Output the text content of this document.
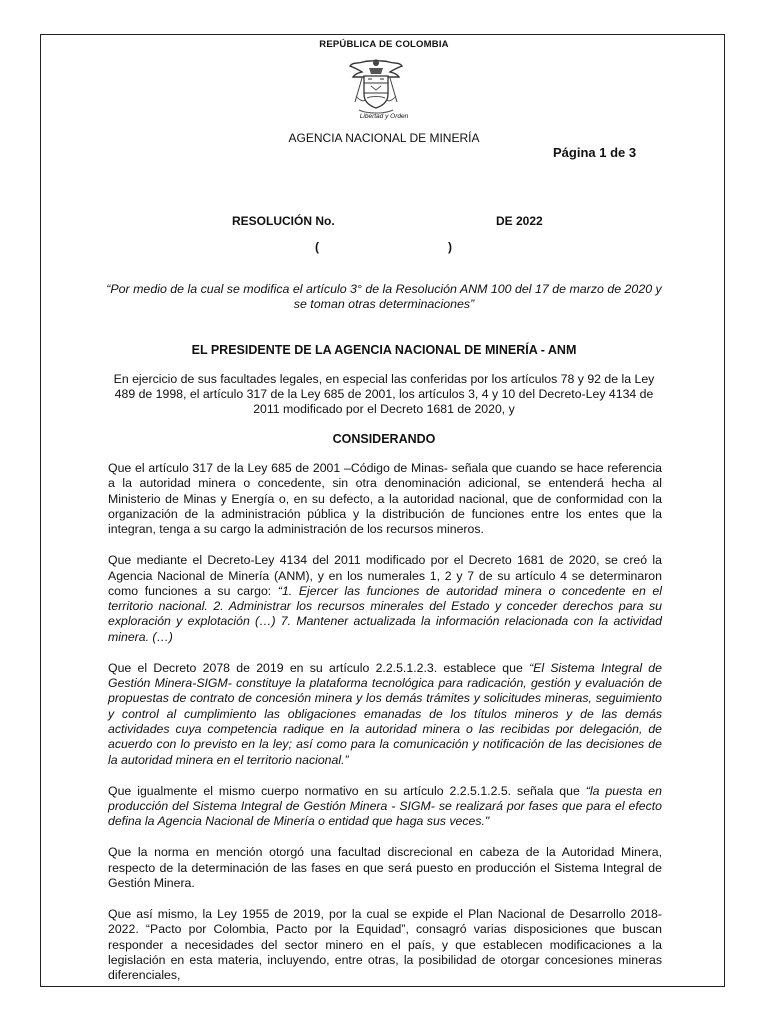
REPÚBLICA DE COLOMBIA
Libertad y Orden
AGENCIA NACIONAL DE MINERÍA
Página 1 de 3
RESOLUCIÓN No.	DE 2022
(	)
“Por medio de la cual se modifica el artículo 3° de la Resolución ANM 100 del 17 de marzo de 2020 y se toman otras determinaciones”
EL PRESIDENTE DE LA AGENCIA NACIONAL DE MINERÍA - ANM
En ejercicio de sus facultades legales, en especial las conferidas por los artículos 78 y 92 de la Ley 489 de 1998, el artículo 317 de la Ley 685 de 2001, los artículos 3, 4 y 10 del Decreto-Ley 4134 de 2011 modificado por el Decreto 1681 de 2020, y
CONSIDERANDO

Que el artículo 317 de la Ley 685 de 2001 –Código de Minas- señala que cuando se hace referencia a la autoridad minera o concedente, sin otra denominación adicional, se entenderá hecha al Ministerio de Minas y Energía o, en su defecto, a la autoridad nacional, que de conformidad con la organización de la administración pública y la distribución de funciones entre los entes que la integran, tenga a su cargo la administración de los recursos mineros.

Que mediante el Decreto-Ley 4134 del 2011 modificado por el Decreto 1681 de 2020, se creó la Agencia Nacional de Minería (ANM), y en los numerales 1, 2 y 7 de su artículo 4 se determinaron como funciones a su cargo: “1. Ejercer las funciones de autoridad minera o concedente en el territorio nacional. 2. Administrar los recursos minerales del Estado y conceder derechos para su exploración y explotación (…) 7. Mantener actualizada la información relacionada con la actividad minera. (…)

Que el Decreto 2078 de 2019 en su artículo 2.2.5.1.2.3. establece que “El Sistema Integral de Gestión Minera-SIGM- constituye la plataforma tecnológica para radicación, gestión y evaluación de propuestas de contrato de concesión minera y los demás trámites y solicitudes mineras, seguimiento y control al cumplimiento las obligaciones emanadas de los títulos mineros y de las demás actividades cuya competencia radique en la autoridad minera o las recibidas por delegación, de acuerdo con lo previsto en la ley; así como para la comunicación y notificación de las decisiones de la autoridad minera en el territorio nacional.”

Que igualmente el mismo cuerpo normativo en su artículo 2.2.5.1.2.5. señala que “la puesta en producción del Sistema Integral de Gestión Minera - SIGM- se realizará por fases que para el efecto defina la Agencia Nacional de Minería o entidad que haga sus veces."

Que la norma en mención otorgó una facultad discrecional en cabeza de la Autoridad Minera, respecto de la determinación de las fases en que será puesto en producción el Sistema Integral de Gestión Minera.

Que así mismo, la Ley 1955 de 2019, por la cual se expide el Plan Nacional de Desarrollo 2018-2022. “Pacto por Colombia, Pacto por la Equidad”, consagró varias disposiciones que buscan responder a necesidades del sector minero en el país, y que establecen modificaciones a la legislación en esta materia, incluyendo, entre otras, la posibilidad de otorgar concesiones mineras diferenciales,
